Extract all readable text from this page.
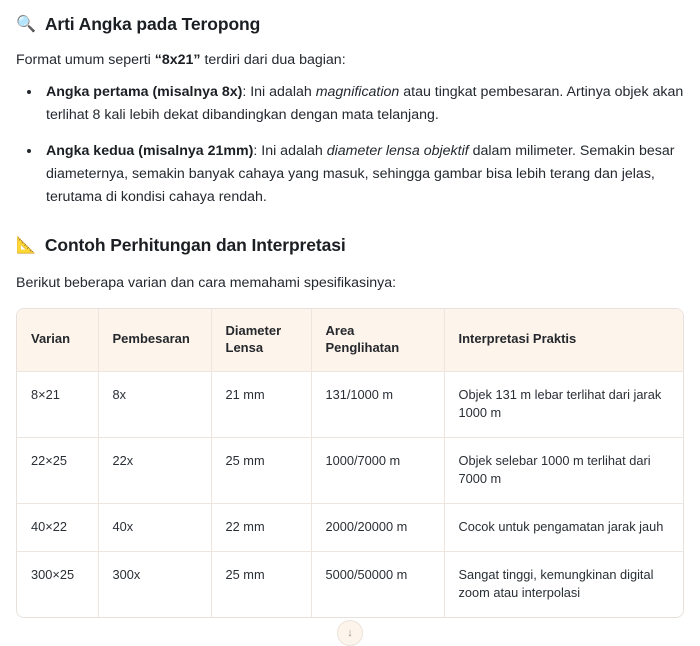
🔍 Arti Angka pada Teropong

Format umum seperti “8x21” terdiri dari dua bagian:

• Angka pertama (misalnya 8x): Ini adalah magnification atau tingkat pembesaran. Artinya objek akan terlihat 8 kali lebih dekat dibandingkan dengan mata telanjang.
• Angka kedua (misalnya 21mm): Ini adalah diameter lensa objektif dalam milimeter. Semakin besar diameternya, semakin banyak cahaya yang masuk, sehingga gambar bisa lebih terang dan jelas, terutama di kondisi cahaya rendah.
📐 Contoh Perhitungan dan Interpretasi

Berikut beberapa varian dan cara memahami spesifikasinya:

Varian	Pembesaran	Diameter Lensa	Area Penglihatan	Interpretasi Praktis
8×21	8x	21 mm	131/1000 m	Objek 131 m lebar terlihat dari jarak 1000 m
22×25	22x	25 mm	1000/7000 m	Objek selebar 1000 m terlihat dari 7000 m
40×22	40x	22 mm	2000/20000 m	Cocok untuk pengamatan jarak jauh
300×25	300x	25 mm	5000/50000 m	Sangat tinggi, kemungkinan digital zoom atau interpolasi
↓
